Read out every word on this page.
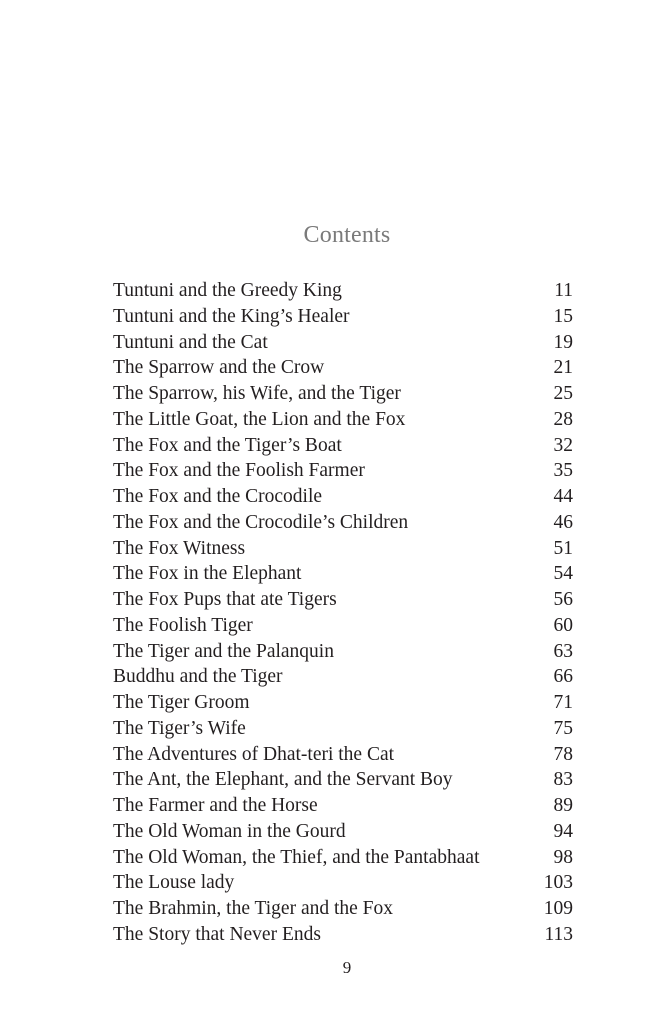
Contents
Tuntuni and the Greedy King	11
Tuntuni and the King’s Healer	15
Tuntuni and the Cat	19
The Sparrow and the Crow	21
The Sparrow, his Wife, and the Tiger	25
The Little Goat, the Lion and the Fox	28
The Fox and the Tiger’s Boat	32
The Fox and the Foolish Farmer	35
The Fox and the Crocodile	44
The Fox and the Crocodile’s Children	46
The Fox Witness	51
The Fox in the Elephant	54
The Fox Pups that ate Tigers	56
The Foolish Tiger	60
The Tiger and the Palanquin	63
Buddhu and the Tiger	66
The Tiger Groom	71
The Tiger’s Wife	75
The Adventures of Dhat-teri the Cat	78
The Ant, the Elephant, and the Servant Boy	83
The Farmer and the Horse	89
The Old Woman in the Gourd	94
The Old Woman, the Thief, and the Pantabhaat	98
The Louse lady	103
The Brahmin, the Tiger and the Fox	109
The Story that Never Ends	113
9
